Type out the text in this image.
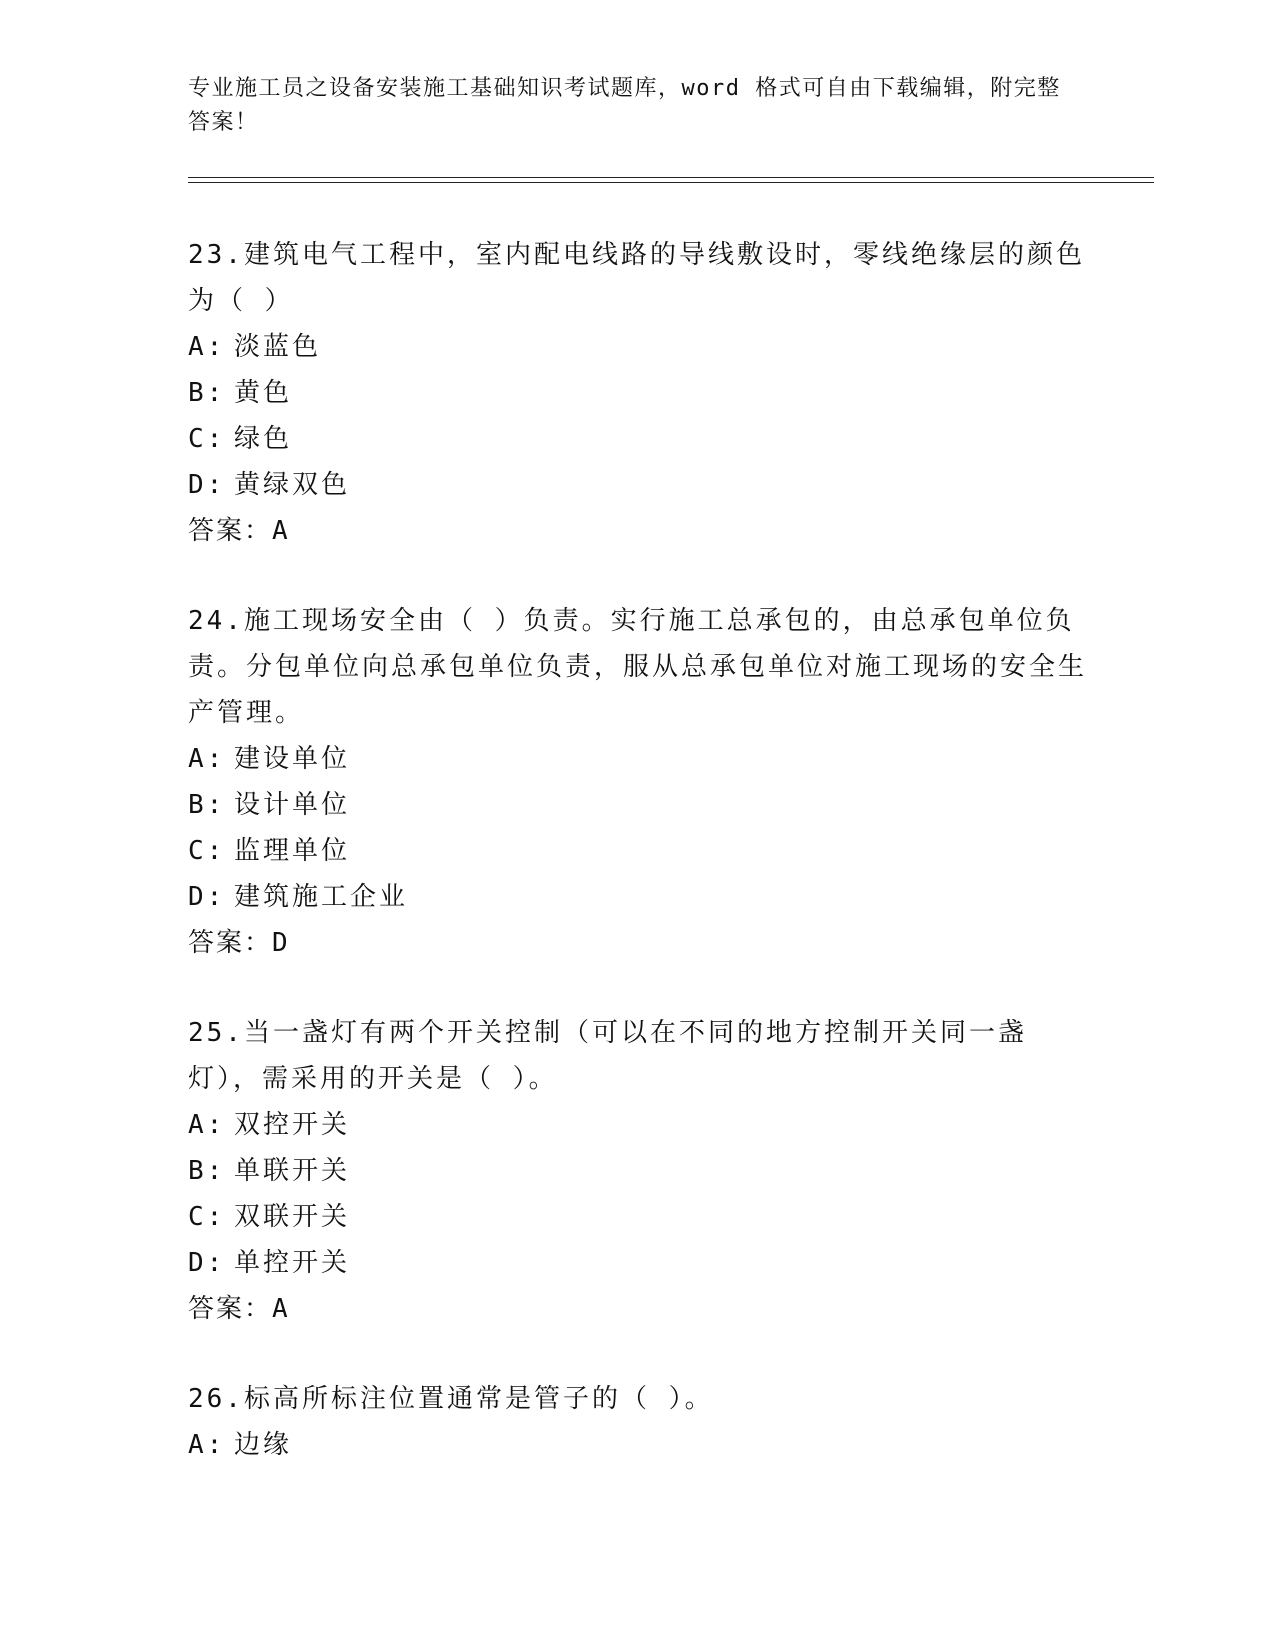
专业施工员之设备安装施工基础知识考试题库，word 格式可自由下载编辑，附完整答案！
23.建筑电气工程中，室内配电线路的导线敷设时，零线绝缘层的颜色为（ ）
A: 淡蓝色
B: 黄色
C: 绿色
D: 黄绿双色
答案：A
24.施工现场安全由（ ）负责。实行施工总承包的，由总承包单位负责。分包单位向总承包单位负责，服从总承包单位对施工现场的安全生产管理。
A: 建设单位
B: 设计单位
C: 监理单位
D: 建筑施工企业
答案：D
25.当一盏灯有两个开关控制（可以在不同的地方控制开关同一盏灯），需采用的开关是（ ）。
A: 双控开关
B: 单联开关
C: 双联开关
D: 单控开关
答案：A
26.标高所标注位置通常是管子的（ ）。
A: 边缘
